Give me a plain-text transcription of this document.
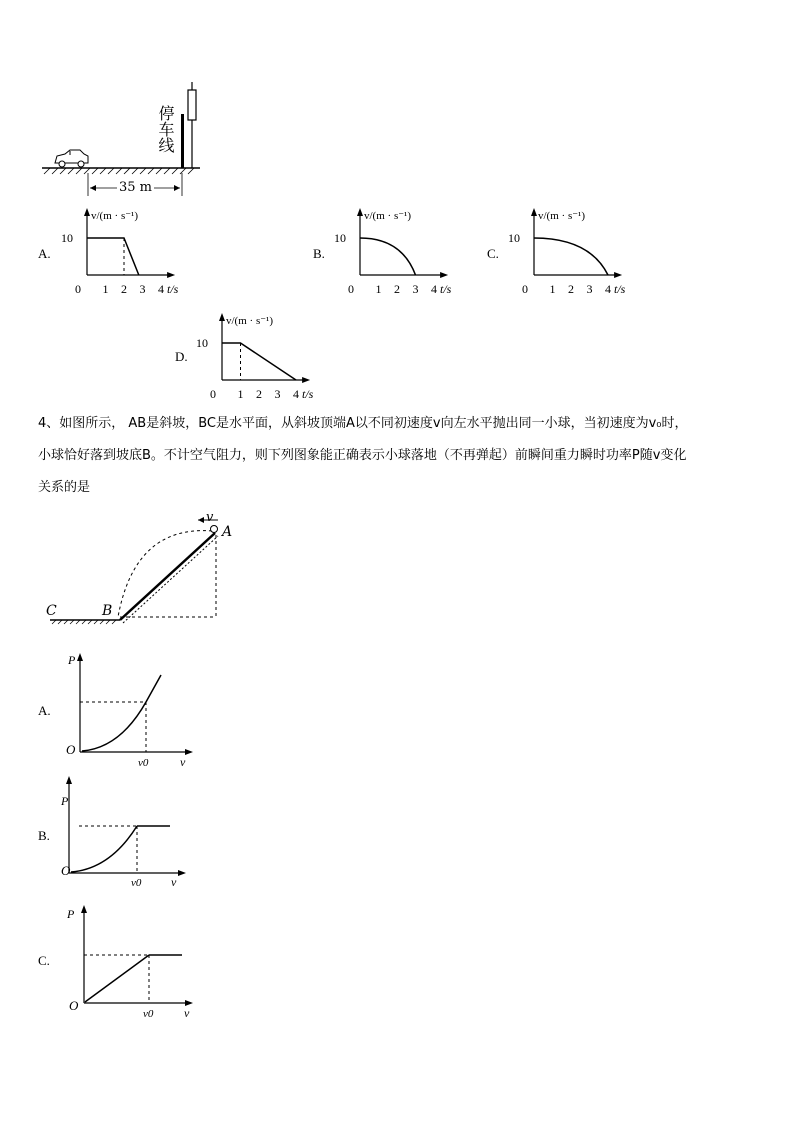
停车线
35 m
A.
v/(m · s⁻¹)
10
0 1 2 3 4 t/s
B.
v/(m · s⁻¹)
10
0 1 2 3 4 t/s
C.
v/(m · s⁻¹)
10
0 1 2 3 4 t/s
D.
v/(m · s⁻¹)
10
0 1 2 3 4 t/s
4、如图所示， AB是斜坡，BC是水平面，从斜坡顶端A以不同初速度v向左水平抛出同一小球，当初速度为v₀时，
小球恰好落到坡底B。不计空气阻力，则下列图象能正确表示小球落地（不再弹起）前瞬间重力瞬时功率P随v变化
关系的是
A
B
C
v
A.
P
O
v0	v
B.
P
O
v0 v
C.
P
O
v0	v
